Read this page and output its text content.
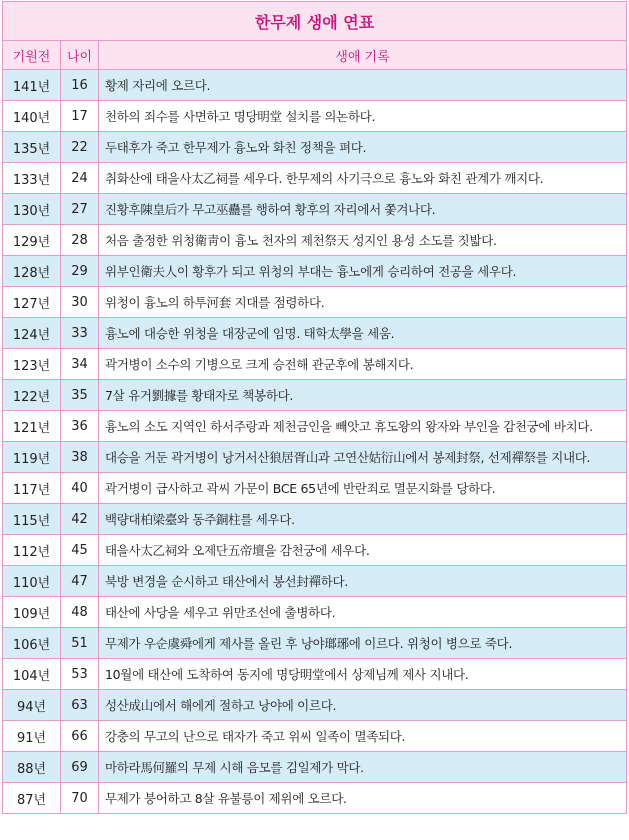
한무제 생애 연표		
기원전	나이	생애 기록
141년	16	황제 자리에 오르다.
140년	17	천하의 죄수를 사면하고 명당明堂 설치를 의논하다.
135년	22	두태후가 죽고 한무제가 흉노와 화친 정책을 펴다.
133년	24	취화산에 태을사太乙祠를 세우다. 한무제의 사기극으로 흉노와 화친 관계가 깨지다.
130년	27	진황후陳皇后가 무고巫蠱를 행하여 황후의 자리에서 쫓겨나다.
129년	28	처음 출정한 위청衛靑이 흉노 천자의 제천祭天 성지인 용성 소도를 짓밟다.
128년	29	위부인衛夫人이 황후가 되고 위청의 부대는 흉노에게 승리하여 전공을 세우다.
127년	30	위청이 흉노의 하투河套 지대를 점령하다.
124년	33	흉노에 대승한 위청을 대장군에 임명. 태학太學을 세움.
123년	34	곽거병이 소수의 기병으로 크게 승전해 관군후에 봉해지다.
122년	35	7살 유거劉據를 황태자로 책봉하다.
121년	36	흉노의 소도 지역인 하서주랑과 제천금인을 빼앗고 휴도왕의 왕자와 부인을 감천궁에 바치다.
119년	38	대승을 거둔 곽거병이 낭거서산狼居胥山과 고연산姑衍山에서 봉제封祭, 선제禪祭를 지내다.
117년	40	곽거병이 급사하고 곽씨 가문이 BCE 65년에 반란죄로 멸문지화를 당하다.
115년	42	백량대柏梁臺와 동주銅柱를 세우다.
112년	45	태을사太乙祠와 오제단五帝壇을 감천궁에 세우다.
110년	47	북방 변경을 순시하고 태산에서 봉선封禪하다.
109년	48	태산에 사당을 세우고 위만조선에 출병하다.
106년	51	무제가 우순虞舜에게 제사를 올린 후 낭야瑯琊에 이르다. 위청이 병으로 죽다.
104년	53	10월에 태산에 도착하여 동지에 명당明堂에서 상제님께 제사 지내다.
94년	63	성산成山에서 해에게 절하고 낭야에 이르다.
91년	66	강충의 무고의 난으로 태자가 죽고 위씨 일족이 멸족되다.
88년	69	마하라馬何羅의 무제 시해 음모를 김일제가 막다.
87년	70	무제가 붕어하고 8살 유불릉이 제위에 오르다.
